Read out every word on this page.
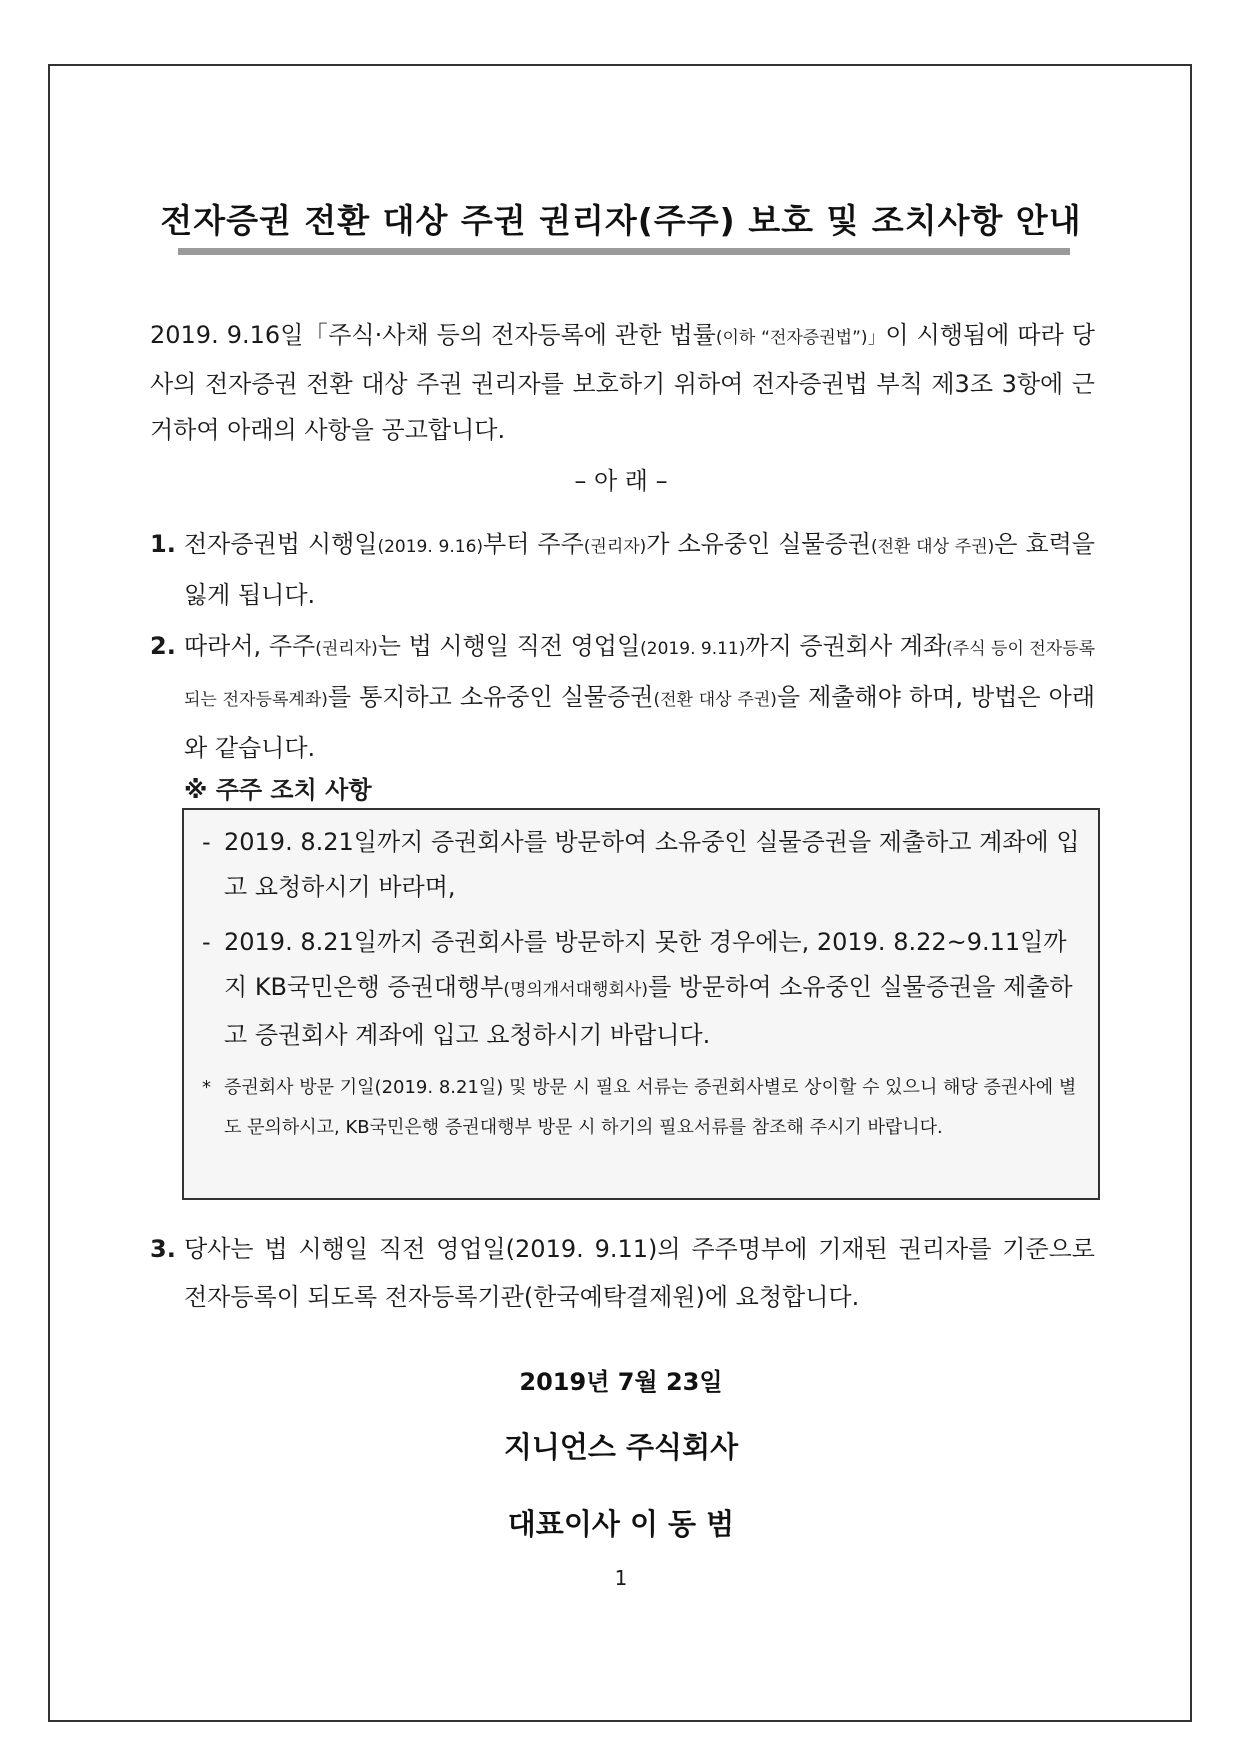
전자증권 전환 대상 주권 권리자(주주) 보호 및 조치사항 안내
2019. 9.16일「주식·사채 등의 전자등록에 관한 법률(이하 “전자증권법”)」이 시행됨에 따라 당사의 전자증권 전환 대상 주권 권리자를 보호하기 위하여 전자증권법 부칙 제3조 3항에 근거하여 아래의 사항을 공고합니다.
– 아 래 –
1. 전자증권법 시행일(2019. 9.16)부터 주주(권리자)가 소유중인 실물증권(전환 대상 주권)은 효력을 잃게 됩니다.
2. 따라서, 주주(권리자)는 법 시행일 직전 영업일(2019. 9.11)까지 증권회사 계좌(주식 등이 전자등록되는 전자등록계좌)를 통지하고 소유중인 실물증권(전환 대상 주권)을 제출해야 하며, 방법은 아래와 같습니다.
※ 주주 조치 사항
- 2019. 8.21일까지 증권회사를 방문하여 소유중인 실물증권을 제출하고 계좌에 입고 요청하시기 바라며,
- 2019. 8.21일까지 증권회사를 방문하지 못한 경우에는, 2019. 8.22~9.11일까지 KB국민은행 증권대행부(명의개서대행회사)를 방문하여 소유중인 실물증권을 제출하고 증권회사 계좌에 입고 요청하시기 바랍니다.
* 증권회사 방문 기일(2019. 8.21일) 및 방문 시 필요 서류는 증권회사별로 상이할 수 있으니 해당 증권사에 별도 문의하시고, KB국민은행 증권대행부 방문 시 하기의 필요서류를 참조해 주시기 바랍니다.
3. 당사는 법 시행일 직전 영업일(2019. 9.11)의 주주명부에 기재된 권리자를 기준으로 전자등록이 되도록 전자등록기관(한국예탁결제원)에 요청합니다.
2019년 7월 23일
지니언스 주식회사
대표이사 이 동 범
1
